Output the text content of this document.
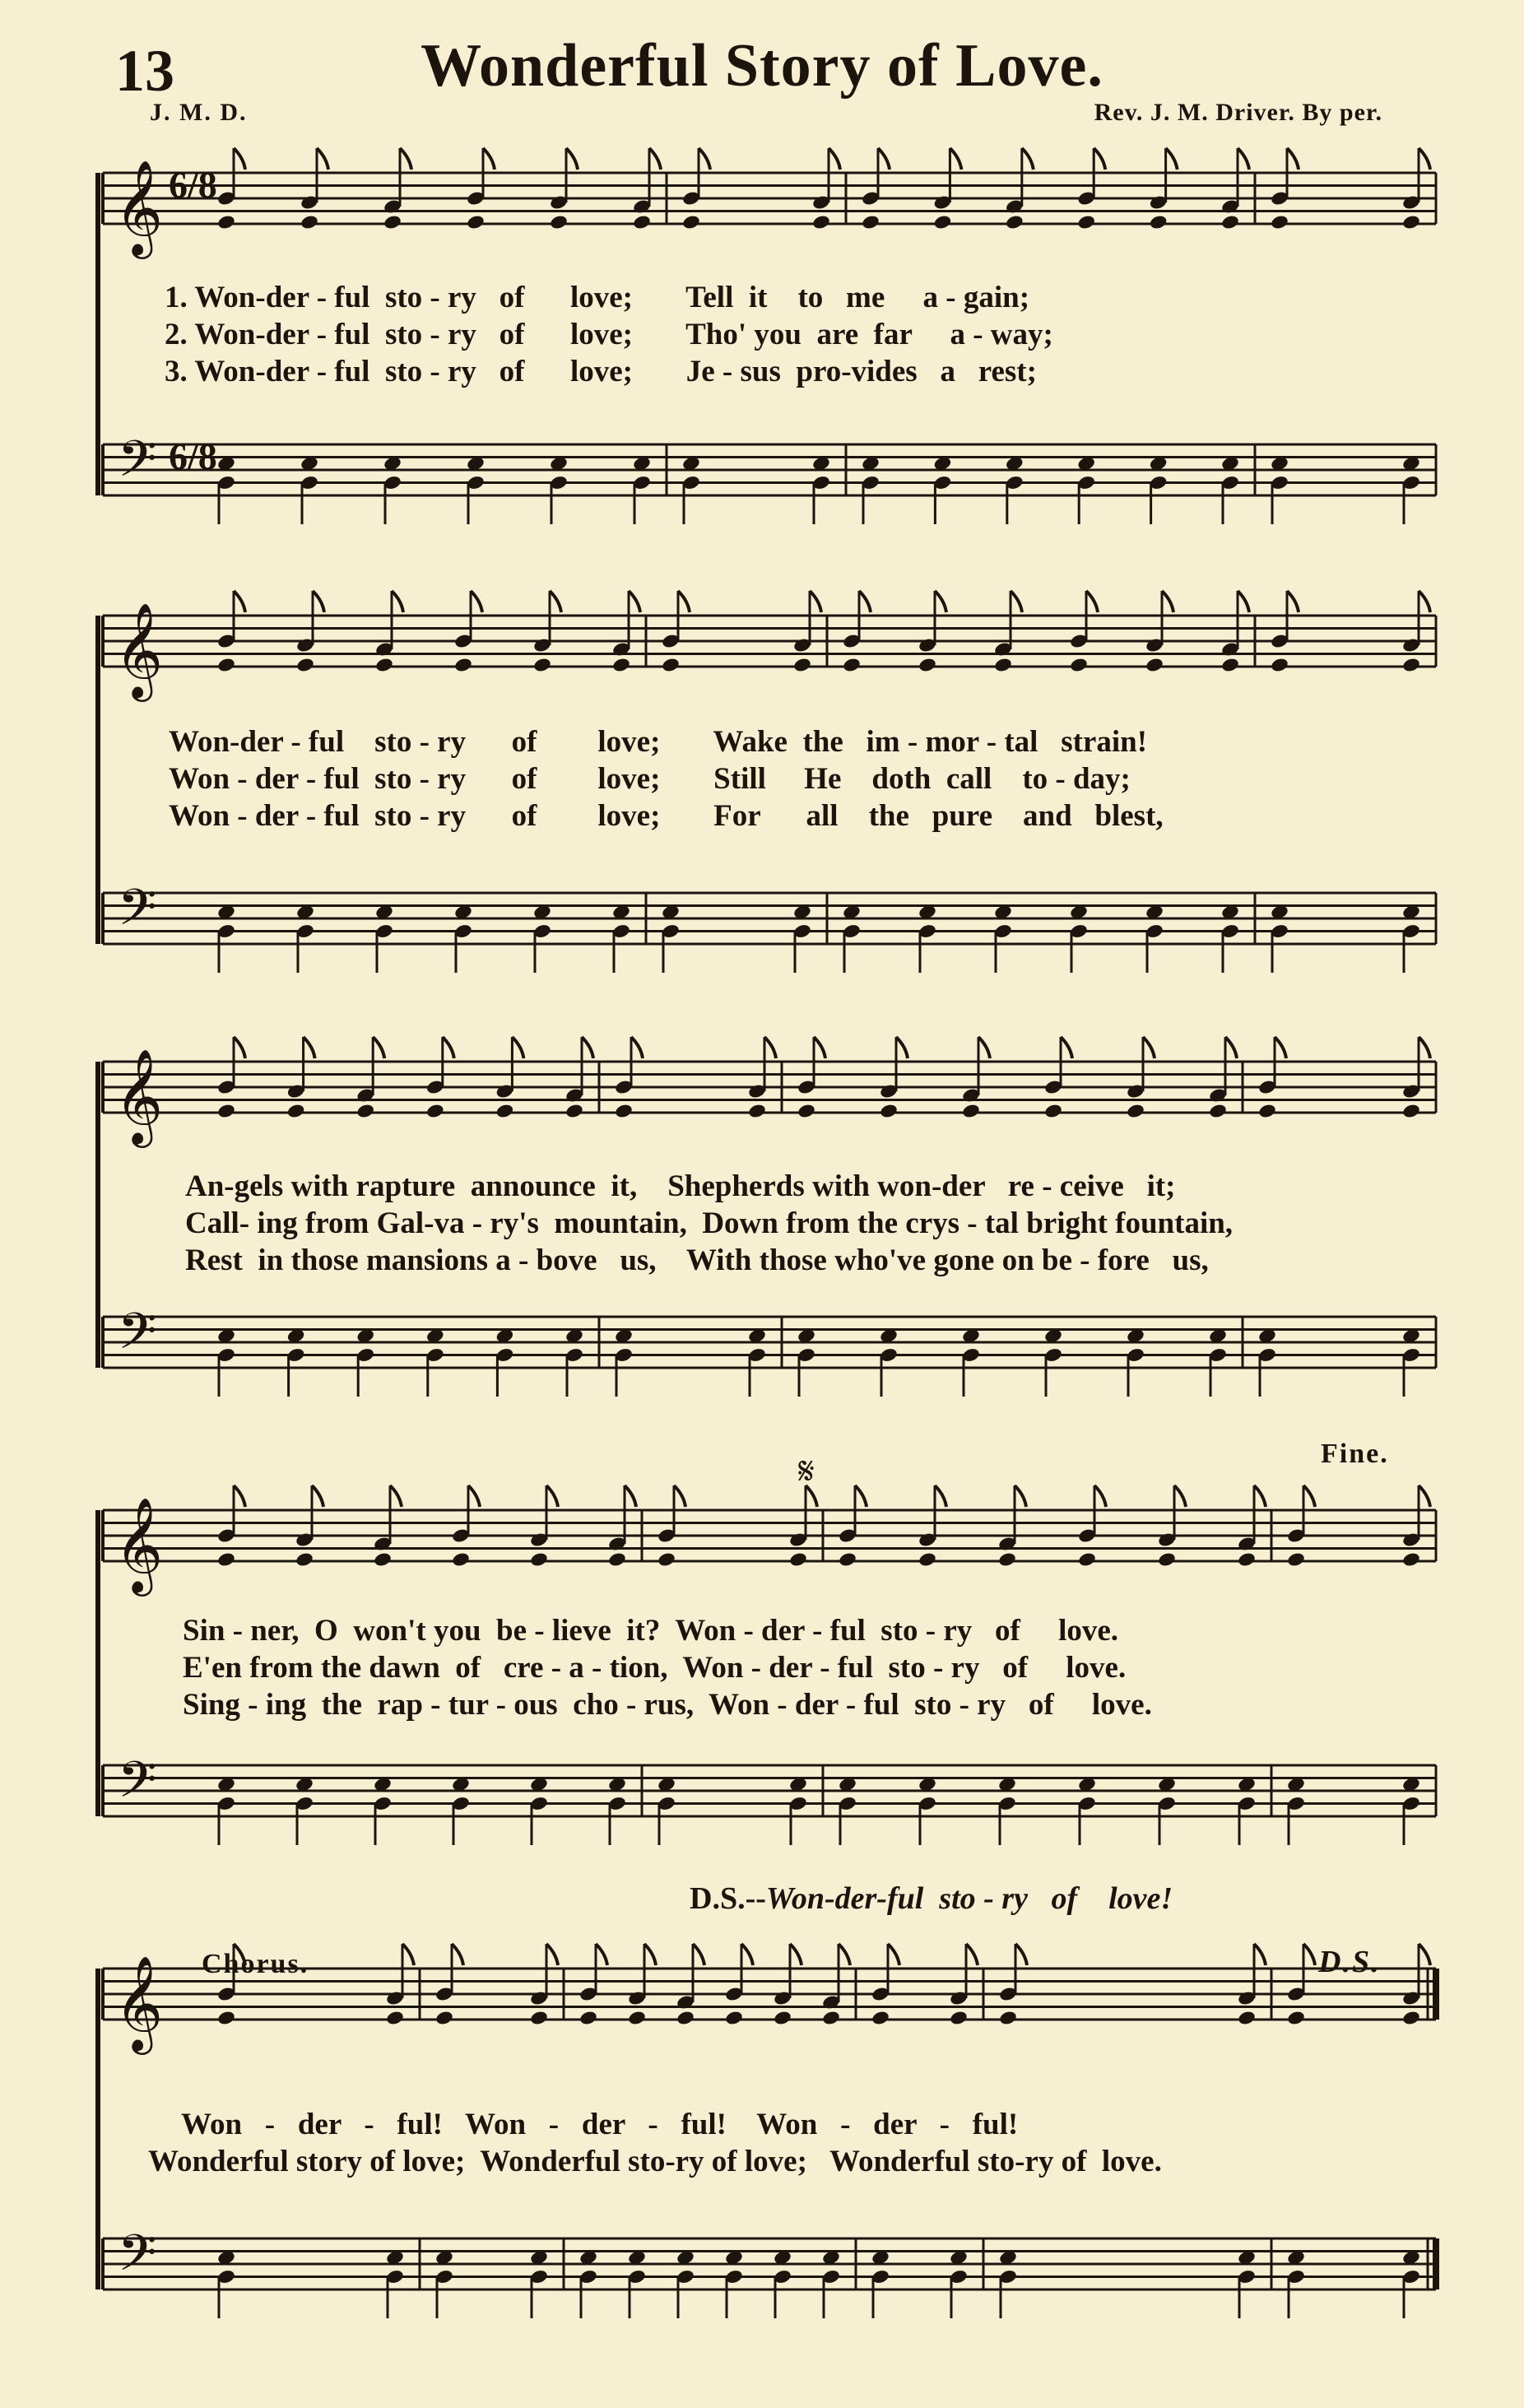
13	Wonderful Story of Love.
J. M. D.	Rev. J. M. Driver. By per.
𝄞
𝄢
𝄞
𝄢
𝄞
𝄢
𝄞
𝄢
𝄞
𝄢
1. Won-der - ful  sto - ry   of      love;       Tell  it    to   me     a - gain;
2. Won-der - ful  sto - ry   of      love;       Tho' you  are  far     a - way;
3. Won-der - ful  sto - ry   of      love;       Je - sus  pro-vides   a   rest;
6/8
6/8
Won-der - ful    sto - ry      of        love;       Wake  the   im - mor - tal   strain!
Won - der - ful  sto - ry      of        love;       Still     He    doth  call    to - day;
Won - der - ful  sto - ry      of        love;       For      all    the   pure    and   blest,
An-gels with rapture  announce  it,    Shepherds with won-der   re - ceive   it;
Call- ing from Gal-va - ry's  mountain,  Down from the crys - tal bright fountain,
Rest  in those mansions a - bove   us,    With those who've gone on be - fore   us,
Fine.
𝄋
Sin - ner,  O  won't you  be - lieve  it?  Won - der - ful  sto - ry   of     love.
E'en from the dawn  of   cre - a - tion,  Won - der - ful  sto - ry   of     love.
Sing - ing  the  rap - tur - ous  cho - rus,  Won - der - ful  sto - ry   of     love.
D.S.--Won-der-ful  sto - ry   of    love!
Chorus.	D.S.
Won   -   der   -   ful!   Won   -   der   -   ful!    Won   -   der   -   ful!
Wonderful story of love;  Wonderful sto-ry of love;   Wonderful sto-ry of  love.
